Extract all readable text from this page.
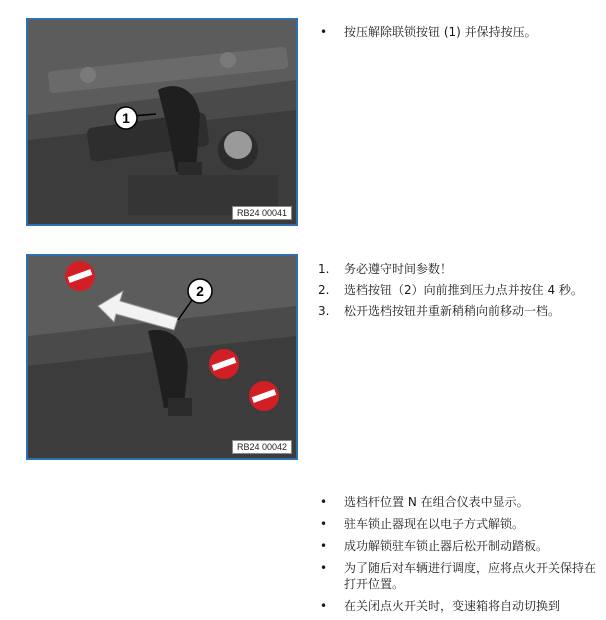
1
RB24 00041
• 按压解除联锁按钮 (1) 并保持按压。
2
RB24 00042
1. 务必遵守时间参数！
2. 选档按钮（2）向前推到压力点并按住 4 秒。
3. 松开选档按钮并重新稍稍向前移动一档。
• 选档杆位置 N 在组合仪表中显示。
• 驻车锁止器现在以电子方式解锁。
• 成功解锁驻车锁止器后松开制动踏板。
• 为了随后对车辆进行调度，应将点火开关保持在打开位置。
• 在关闭点火开关时，变速箱将自动切换到
